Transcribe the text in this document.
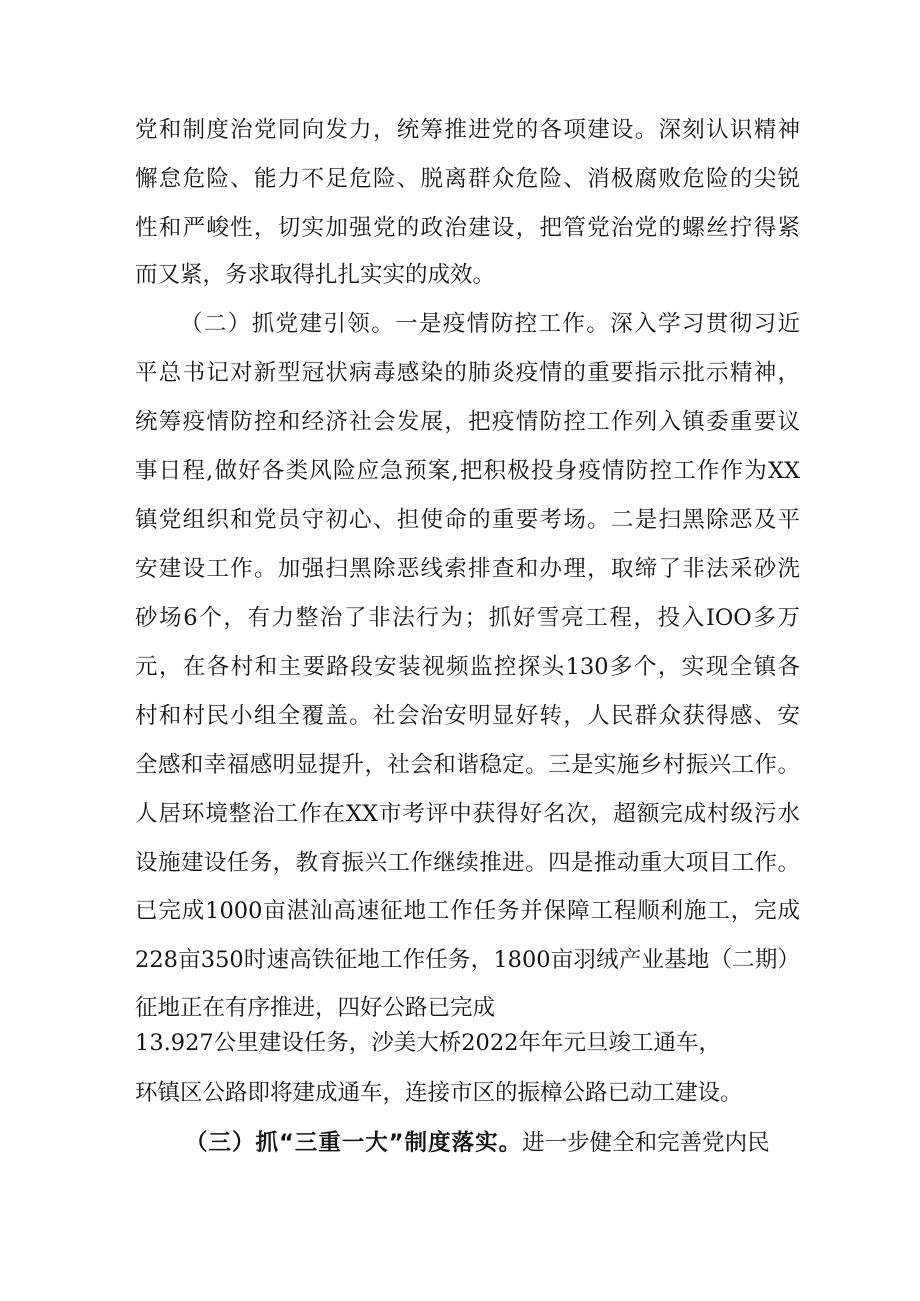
党和制度治党同向发力，统筹推进党的各项建设。深刻认识精神
懈怠危险、能力不足危险、脱离群众危险、消极腐败危险的尖锐
性和严峻性，切实加强党的政治建设，把管党治党的螺丝拧得紧
而又紧，务求取得扎扎实实的成效。
（二）抓党建引领。一是疫情防控工作。深入学习贯彻习近
平总书记对新型冠状病毒感染的肺炎疫情的重要指示批示精神，
统筹疫情防控和经济社会发展，把疫情防控工作列入镇委重要议
事日程,做好各类风险应急预案,把积极投身疫情防控工作作为XX
镇党组织和党员守初心、担使命的重要考场。二是扫黑除恶及平
安建设工作。加强扫黑除恶线索排查和办理，取缔了非法采砂洗
砂场6个，有力整治了非法行为；抓好雪亮工程，投入IOO多万
元，在各村和主要路段安装视频监控探头130多个，实现全镇各
村和村民小组全覆盖。社会治安明显好转，人民群众获得感、安
全感和幸福感明显提升，社会和谐稳定。三是实施乡村振兴工作。
人居环境整治工作在XX市考评中获得好名次，超额完成村级污水
设施建设任务，教育振兴工作继续推进。四是推动重大项目工作。
已完成1000亩湛汕高速征地工作任务并保障工程顺利施工，完成
228亩350时速高铁征地工作任务，1800亩羽绒产业基地（二期）
征地正在有序推进，四好公路已完成
13.927公里建设任务，沙美大桥2022年年元旦竣工通车，
环镇区公路即将建成通车，连接市区的振樟公路已动工建设。
（三）抓“三重一大”制度落实。进一步健全和完善党内民
